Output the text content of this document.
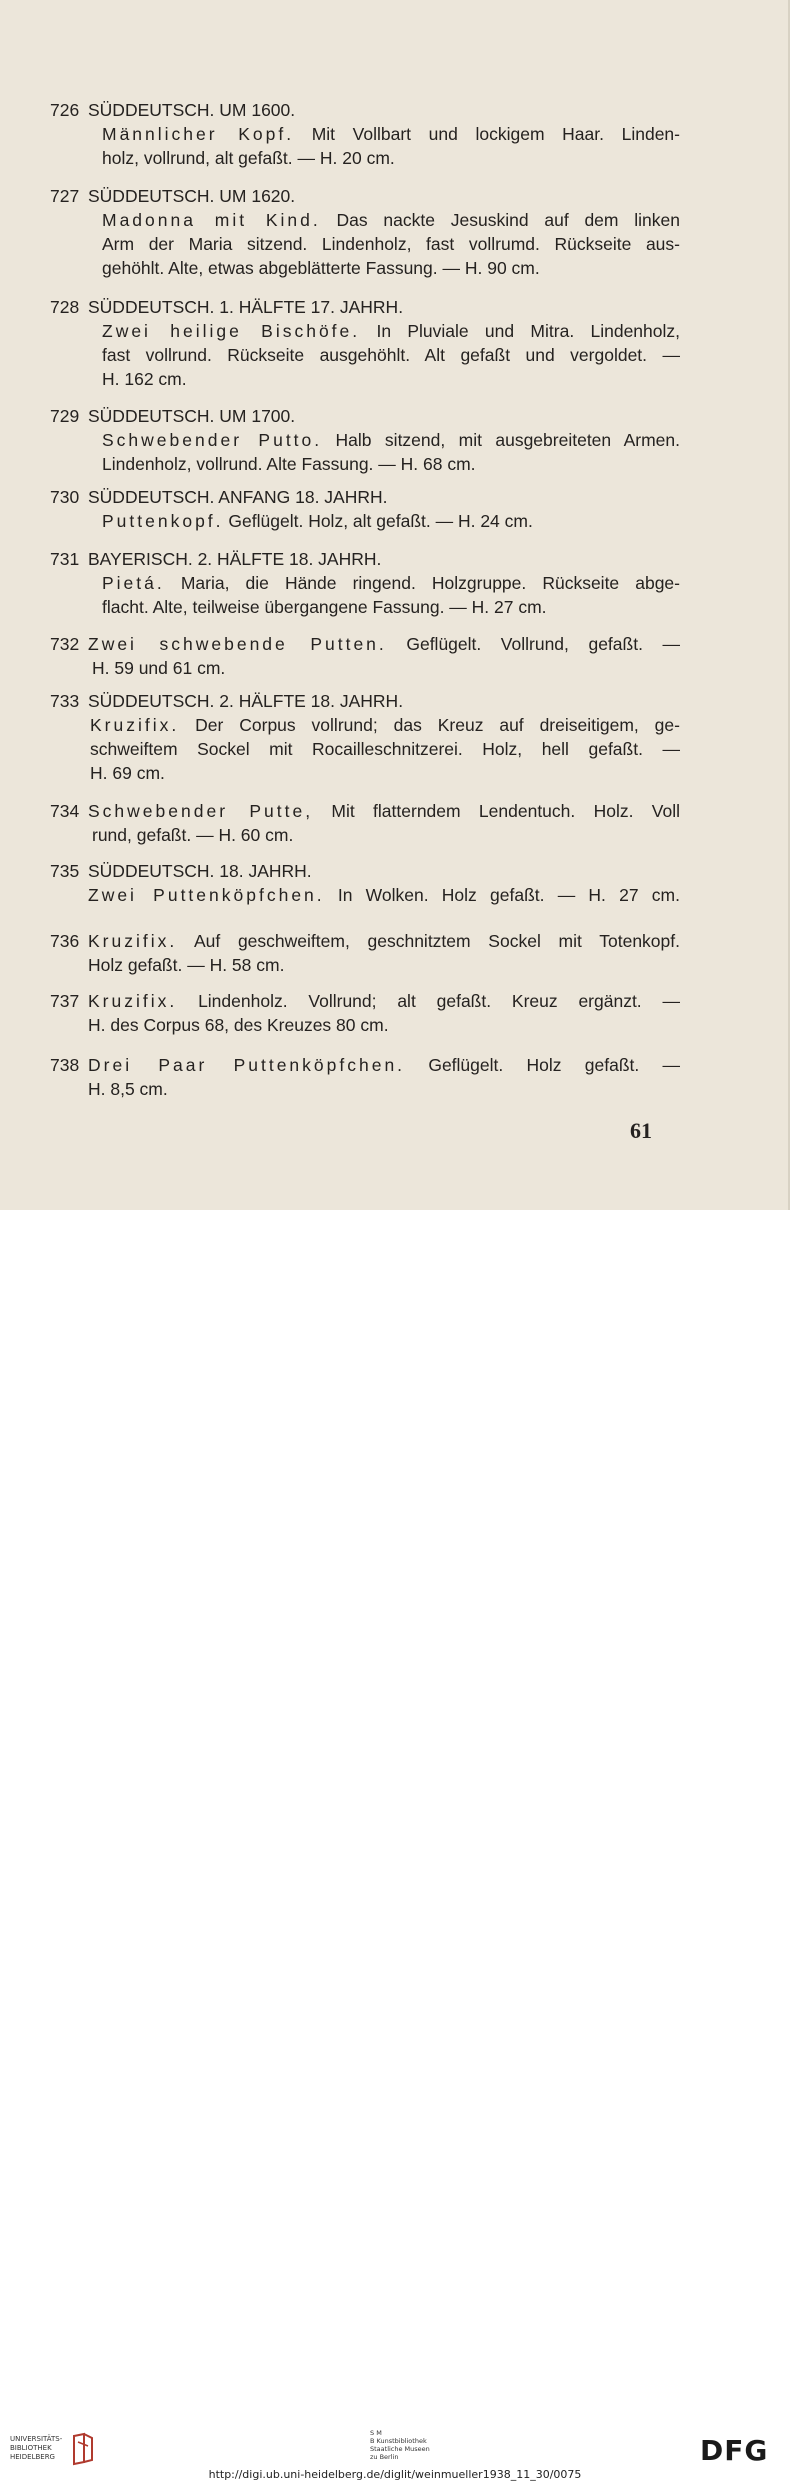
726 SÜDDEUTSCH. UM 1600.
Männlicher Kopf. Mit Vollbart und lockigem Haar. Linden-
holz, vollrund, alt gefaßt. — H. 20 cm.
727 SÜDDEUTSCH. UM 1620.
Madonna mit Kind. Das nackte Jesuskind auf dem linken
Arm der Maria sitzend. Lindenholz, fast vollrumd. Rückseite aus-
gehöhlt. Alte, etwas abgeblätterte Fassung. — H. 90 cm.
728 SÜDDEUTSCH. 1. HÄLFTE 17. JAHRH.
Zwei heilige Bischöfe. In Pluviale und Mitra. Lindenholz,
fast vollrund. Rückseite ausgehöhlt. Alt gefaßt und vergoldet. —
H. 162 cm.
729 SÜDDEUTSCH. UM 1700.
Schwebender Putto. Halb sitzend, mit ausgebreiteten Armen.
Lindenholz, vollrund. Alte Fassung. — H. 68 cm.
730 SÜDDEUTSCH. ANFANG 18. JAHRH.
Puttenkopf. Geflügelt. Holz, alt gefaßt. — H. 24 cm.
731 BAYERISCH. 2. HÄLFTE 18. JAHRH.
Pietá. Maria, die Hände ringend. Holzgruppe. Rückseite abge-
flacht. Alte, teilweise übergangene Fassung. — H. 27 cm.
732 Zwei schwebende Putten. Geflügelt. Vollrund, gefaßt. —
H. 59 und 61 cm.
733 SÜDDEUTSCH. 2. HÄLFTE 18. JAHRH.
Kruzifix. Der Corpus vollrund; das Kreuz auf dreiseitigem, ge-
schweiftem Sockel mit Rocailleschnitzerei. Holz, hell gefaßt. —
H. 69 cm.
734 Schwebender Putte, Mit flatterndem Lendentuch. Holz. Voll
rund, gefaßt. — H. 60 cm.
735 SÜDDEUTSCH. 18. JAHRH.
Zwei Puttenköpfchen. In Wolken. Holz gefaßt. — H. 27 cm.
736 Kruzifix. Auf geschweiftem, geschnitztem Sockel mit Totenkopf.
Holz gefaßt. — H. 58 cm.
737 Kruzifix. Lindenholz. Vollrund; alt gefaßt. Kreuz ergänzt. —
H. des Corpus 68, des Kreuzes 80 cm.
738 Drei Paar Puttenköpfchen. Geflügelt. Holz gefaßt. —
H. 8,5 cm.
61
UNIVERSITÄTS-
BIBLIOTHEK
HEIDELBERG
S M
B Kunstbibliothek
Staatliche Museen
zu Berlin	DFG
http://digi.ub.uni-heidelberg.de/diglit/weinmueller1938_11_30/0075
